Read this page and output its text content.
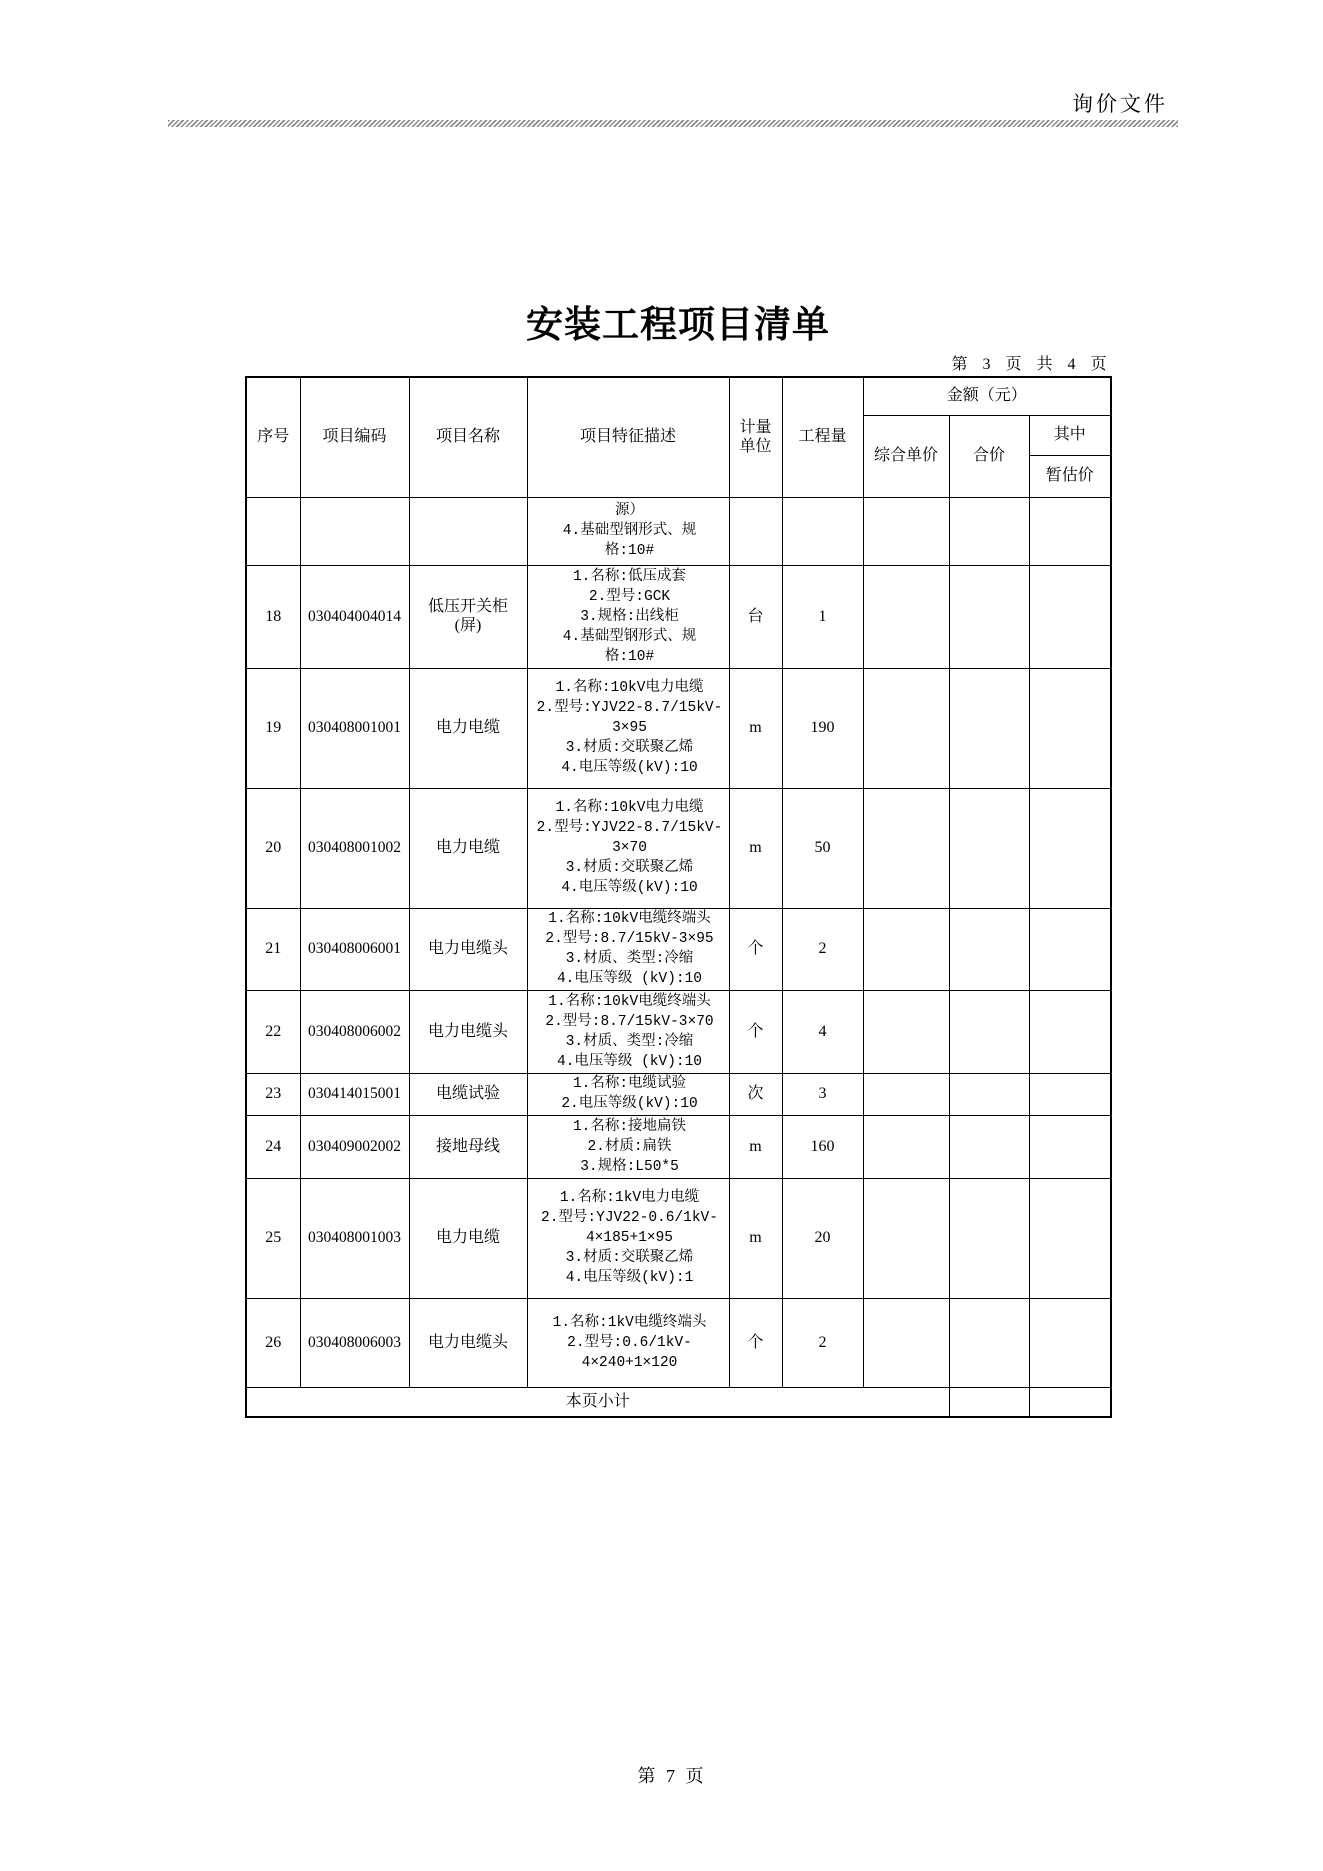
询价文件
安装工程项目清单
第 3 页 共 4 页
序号	项目编码	项目名称	项目特征描述	计量单位	工程量	金额（元）		
						综合单价	合价	其中
								暂估价

			源）
4.基础型钢形式、规
格:10#					

18	030404004014	低压开关柜(屏)	1.名称:低压成套
2.型号:GCK
3.规格:出线柜
4.基础型钢形式、规
格:10#	台	1			
19	030408001001	电力电缆	1.名称:10kV电力电缆
2.型号:YJV22-8.7/15kV-
3×95
3.材质:交联聚乙烯
4.电压等级(kV):10	m	190			
20	030408001002	电力电缆	1.名称:10kV电力电缆
2.型号:YJV22-8.7/15kV-
3×70
3.材质:交联聚乙烯
4.电压等级(kV):10	m	50			
21	030408006001	电力电缆头	1.名称:10kV电缆终端头
2.型号:8.7/15kV-3×95
3.材质、类型:冷缩
4.电压等级 (kV):10	个	2			
22	030408006002	电力电缆头	1.名称:10kV电缆终端头
2.型号:8.7/15kV-3×70
3.材质、类型:冷缩
4.电压等级 (kV):10	个	4			
23	030414015001	电缆试验	1.名称:电缆试验
2.电压等级(kV):10	次	3			
24	030409002002	接地母线	1.名称:接地扁铁
2.材质:扁铁
3.规格:L50*5	m	160			
25	030408001003	电力电缆	1.名称:1kV电力电缆
2.型号:YJV22-0.6/1kV-
4×185+1×95
3.材质:交联聚乙烯
4.电压等级(kV):1	m	20			
26	030408006003	电力电缆头	1.名称:1kV电缆终端头
2.型号:0.6/1kV-
4×240+1×120	个	2			
本页小计								
第 7 页
